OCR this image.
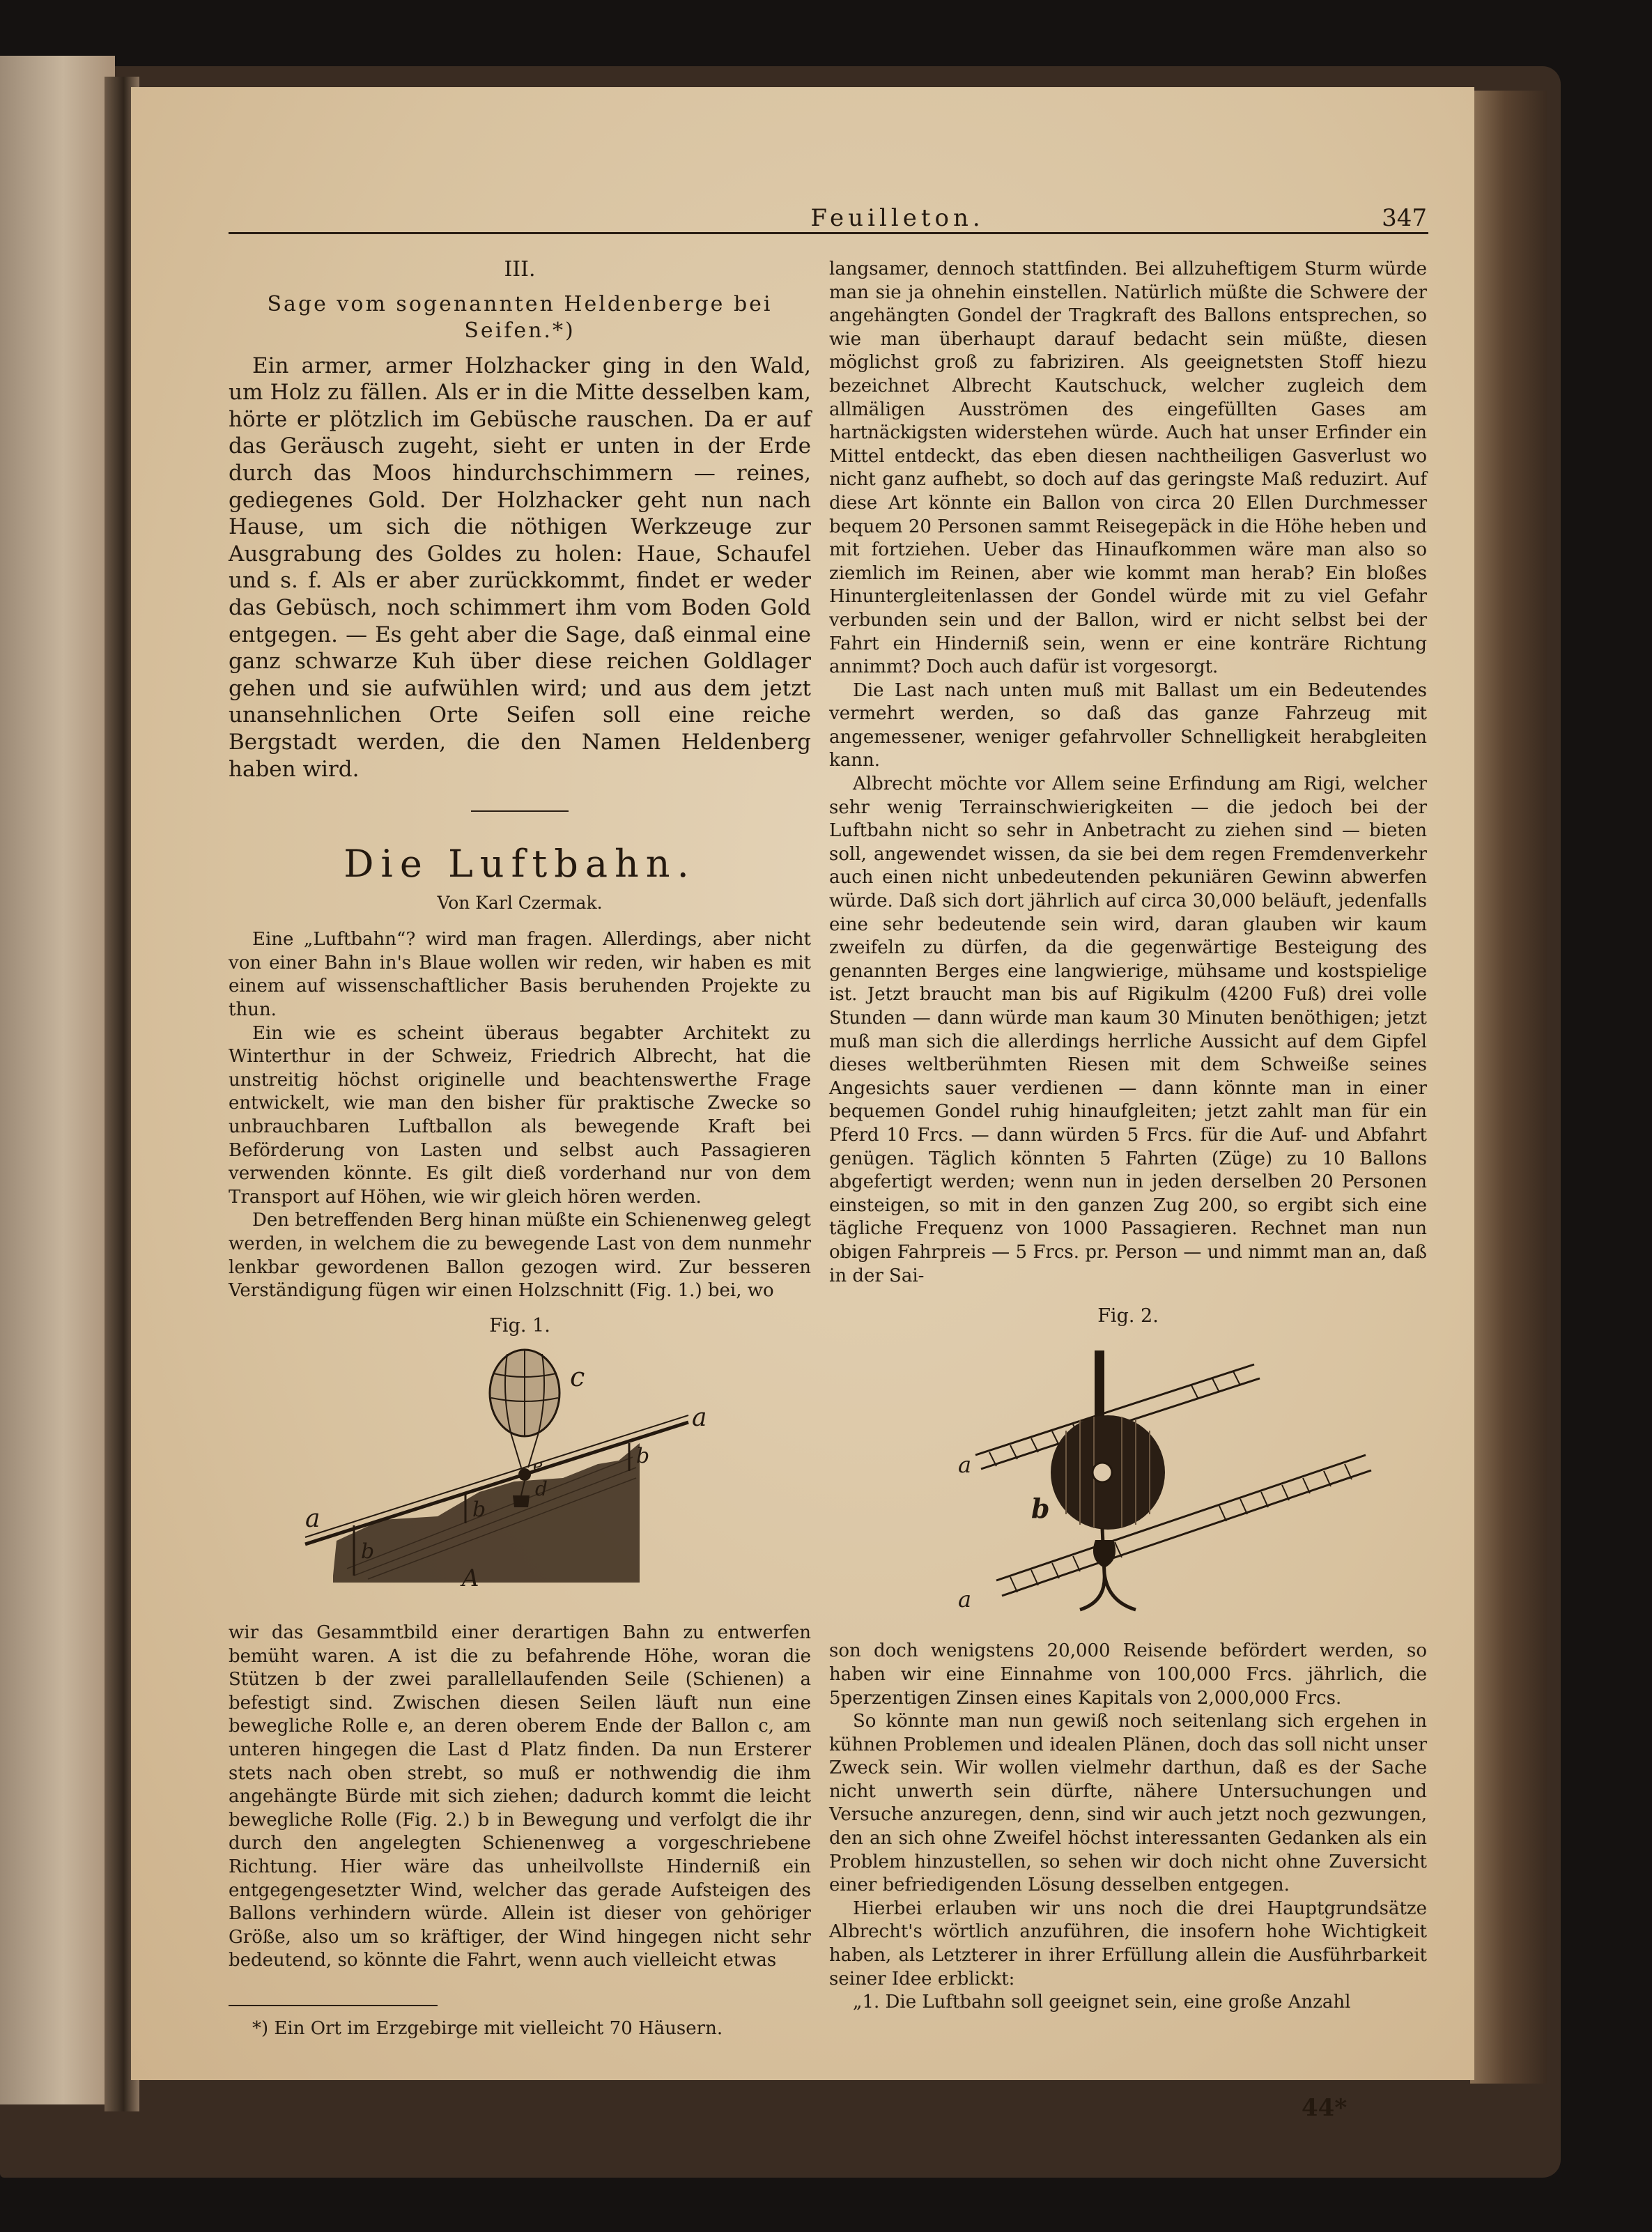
Feuilleton.	347
III.
Sage vom sogenannten Heldenberge bei Seifen.*)

Ein armer, armer Holzhacker ging in den Wald, um Holz zu fällen. Als er in die Mitte desselben kam, hörte er plötzlich im Gebüsche rauschen. Da er auf das Geräusch zugeht, sieht er unten in der Erde durch das Moos hindurchschimmern — reines, gediegenes Gold. Der Holzhacker geht nun nach Hause, um sich die nöthigen Werkzeuge zur Ausgrabung des Goldes zu holen: Haue, Schaufel und s. f. Als er aber zurückkommt, findet er weder das Gebüsch, noch schimmert ihm vom Boden Gold entgegen. — Es geht aber die Sage, daß einmal eine ganz schwarze Kuh über diese reichen Goldlager gehen und sie aufwühlen wird; und aus dem jetzt unansehnlichen Orte Seifen soll eine reiche Bergstadt werden, die den Namen Heldenberg haben wird.

Die Luftbahn.
Von Karl Czermak.

Eine „Luftbahn“? wird man fragen. Allerdings, aber nicht von einer Bahn in's Blaue wollen wir reden, wir haben es mit einem auf wissenschaftlicher Basis beruhenden Projekte zu thun.

Ein wie es scheint überaus begabter Architekt zu Winterthur in der Schweiz, Friedrich Albrecht, hat die unstreitig höchst originelle und beachtenswerthe Frage entwickelt, wie man den bisher für praktische Zwecke so unbrauchbaren Luftballon als bewegende Kraft bei Beförderung von Lasten und selbst auch Passagieren verwenden könnte. Es gilt dieß vorderhand nur von dem Transport auf Höhen, wie wir gleich hören werden.

Den betreffenden Berg hinan müßte ein Schienenweg gelegt werden, in welchem die zu bewegende Last von dem nunmehr lenkbar gewordenen Ballon gezogen wird. Zur besseren Verständigung fügen wir einen Holzschnitt (Fig. 1.) bei, wo

Fig. 1.
c
a
a
b
b
b
e
d
A

wir das Gesammtbild einer derartigen Bahn zu entwerfen bemüht waren. A ist die zu befahrende Höhe, woran die Stützen b der zwei parallellaufenden Seile (Schienen) a befestigt sind. Zwischen diesen Seilen läuft nun eine bewegliche Rolle e, an deren oberem Ende der Ballon c, am unteren hingegen die Last d Platz finden. Da nun Ersterer stets nach oben strebt, so muß er nothwendig die ihm angehängte Bürde mit sich ziehen; dadurch kommt die leicht bewegliche Rolle (Fig. 2.) b in Bewegung und verfolgt die ihr durch den angelegten Schienenweg a vorgeschriebene Richtung. Hier wäre das unheilvollste Hinderniß ein entgegengesetzter Wind, welcher das gerade Aufsteigen des Ballons verhindern würde. Allein ist dieser von gehöriger Größe, also um so kräftiger, der Wind hingegen nicht sehr bedeutend, so könnte die Fahrt, wenn auch vielleicht etwas

*) Ein Ort im Erzgebirge mit vielleicht 70 Häusern.

langsamer, dennoch stattfinden. Bei allzuheftigem Sturm würde man sie ja ohnehin einstellen. Natürlich müßte die Schwere der angehängten Gondel der Tragkraft des Ballons entsprechen, so wie man überhaupt darauf bedacht sein müßte, diesen möglichst groß zu fabriziren. Als geeignetsten Stoff hiezu bezeichnet Albrecht Kautschuck, welcher zugleich dem allmäligen Ausströmen des eingefüllten Gases am hartnäckigsten widerstehen würde. Auch hat unser Erfinder ein Mittel entdeckt, das eben diesen nachtheiligen Gasverlust wo nicht ganz aufhebt, so doch auf das geringste Maß reduzirt. Auf diese Art könnte ein Ballon von circa 20 Ellen Durchmesser bequem 20 Personen sammt Reisegepäck in die Höhe heben und mit fortziehen. Ueber das Hinaufkommen wäre man also so ziemlich im Reinen, aber wie kommt man herab? Ein bloßes Hinuntergleitenlassen der Gondel würde mit zu viel Gefahr verbunden sein und der Ballon, wird er nicht selbst bei der Fahrt ein Hinderniß sein, wenn er eine konträre Richtung annimmt? Doch auch dafür ist vorgesorgt.

Die Last nach unten muß mit Ballast um ein Bedeutendes vermehrt werden, so daß das ganze Fahrzeug mit angemessener, weniger gefahrvoller Schnelligkeit herabgleiten kann.

Albrecht möchte vor Allem seine Erfindung am Rigi, welcher sehr wenig Terrainschwierigkeiten — die jedoch bei der Luftbahn nicht so sehr in Anbetracht zu ziehen sind — bieten soll, angewendet wissen, da sie bei dem regen Fremdenverkehr auch einen nicht unbedeutenden pekuniären Gewinn abwerfen würde. Daß sich dort jährlich auf circa 30,000 beläuft, jedenfalls eine sehr bedeutende sein wird, daran glauben wir kaum zweifeln zu dürfen, da die gegenwärtige Besteigung des genannten Berges eine langwierige, mühsame und kostspielige ist. Jetzt braucht man bis auf Rigikulm (4200 Fuß) drei volle Stunden — dann würde man kaum 30 Minuten benöthigen; jetzt muß man sich die allerdings herrliche Aussicht auf dem Gipfel dieses weltberühmten Riesen mit dem Schweiße seines Angesichts sauer verdienen — dann könnte man in einer bequemen Gondel ruhig hinaufgleiten; jetzt zahlt man für ein Pferd 10 Frcs. — dann würden 5 Frcs. für die Auf- und Abfahrt genügen. Täglich könnten 5 Fahrten (Züge) zu 10 Ballons abgefertigt werden; wenn nun in jeden derselben 20 Personen einsteigen, so mit in den ganzen Zug 200, so ergibt sich eine tägliche Frequenz von 1000 Passagieren. Rechnet man nun obigen Fahrpreis — 5 Frcs. pr. Person — und nimmt man an, daß in der Sai-

Fig. 2.
a
a
b

son doch wenigstens 20,000 Reisende befördert werden, so haben wir eine Einnahme von 100,000 Frcs. jährlich, die 5perzentigen Zinsen eines Kapitals von 2,000,000 Frcs.

So könnte man nun gewiß noch seitenlang sich ergehen in kühnen Problemen und idealen Plänen, doch das soll nicht unser Zweck sein. Wir wollen vielmehr darthun, daß es der Sache nicht unwerth sein dürfte, nähere Untersuchungen und Versuche anzuregen, denn, sind wir auch jetzt noch gezwungen, den an sich ohne Zweifel höchst interessanten Gedanken als ein Problem hinzustellen, so sehen wir doch nicht ohne Zuversicht einer befriedigenden Lösung desselben entgegen.

Hierbei erlauben wir uns noch die drei Hauptgrundsätze Albrecht's wörtlich anzuführen, die insofern hohe Wichtigkeit haben, als Letzterer in ihrer Erfüllung allein die Ausführbarkeit seiner Idee erblickt:

„1. Die Luftbahn soll geeignet sein, eine große Anzahl

44*
